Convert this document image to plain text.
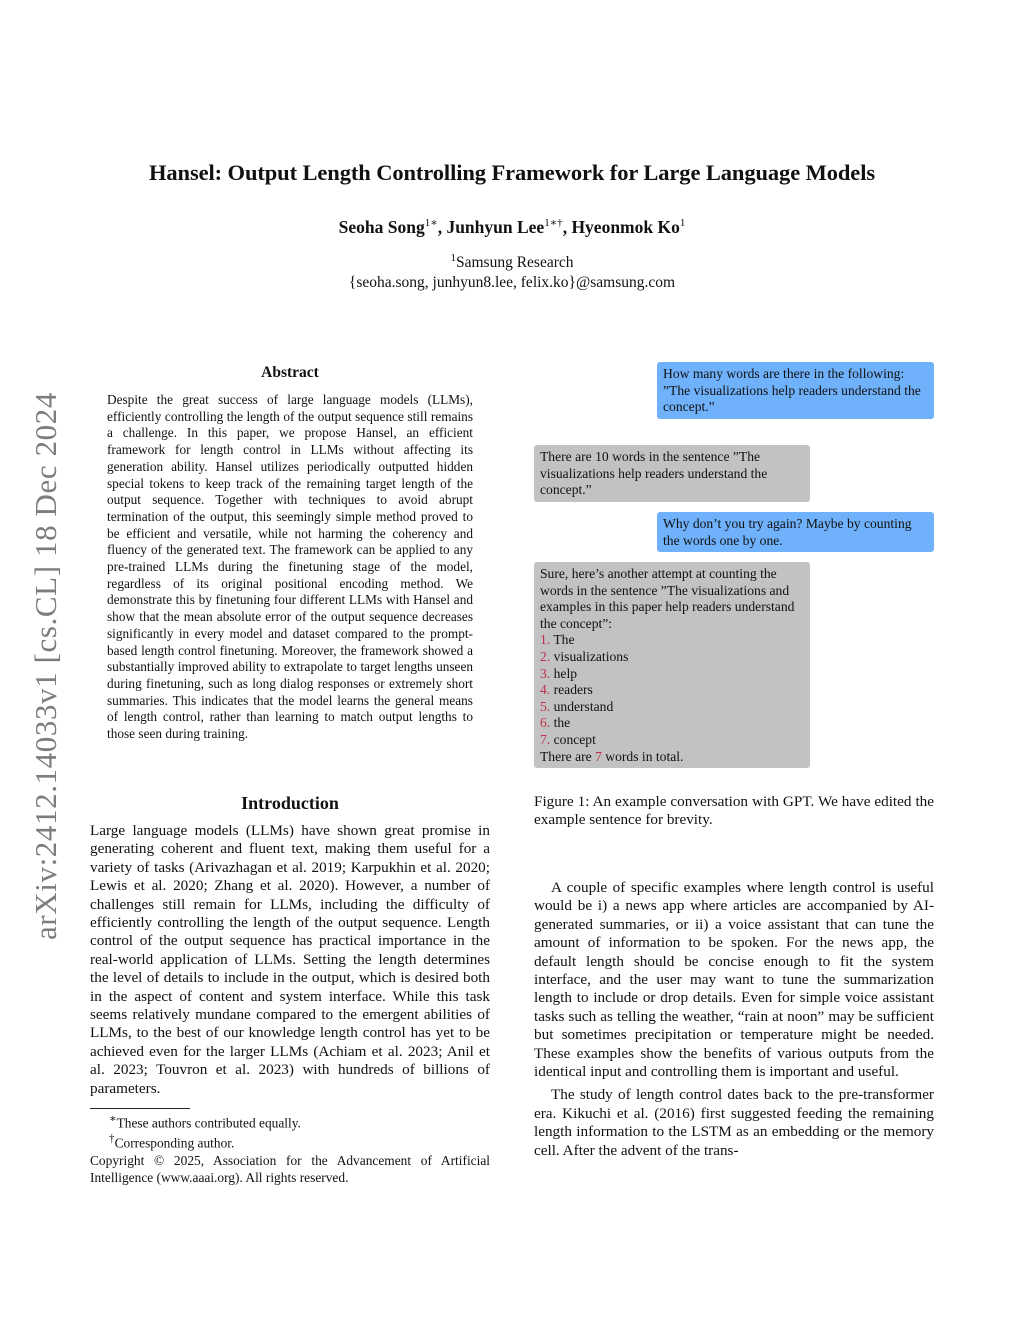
arXiv:2412.14033v1 [cs.CL] 18 Dec 2024
Hansel: Output Length Controlling Framework for Large Language Models
Seoha Song$^{1∗}$, Junhyun Lee$^{1∗\dagger}$, Hyeonmok Ko$^1$
$^1$Samsung Research
{seoha.song, junhyun8.lee, felix.ko}@samsung.com

Abstract

Despite the great success of large language models (LLMs), efficiently controlling the length of the output sequence still remains a challenge. In this paper, we propose Hansel, an efficient framework for length control in LLMs without affecting its generation ability. Hansel utilizes periodically outputted hidden special tokens to keep track of the remaining target length of the output sequence. Together with techniques to avoid abrupt termination of the output, this seemingly simple method proved to be efficient and versatile, while not harming the coherency and fluency of the generated text. The framework can be applied to any pre-trained LLMs during the finetuning stage of the model, regardless of its original positional encoding method. We demonstrate this by finetuning four different LLMs with Hansel and show that the mean absolute error of the output sequence decreases significantly in every model and dataset compared to the prompt-based length control finetuning. Moreover, the framework showed a substantially improved ability to extrapolate to target lengths unseen during finetuning, such as long dialog responses or extremely short summaries. This indicates that the model learns the general means of length control, rather than learning to match output lengths to those seen during training.

Introduction

Large language models (LLMs) have shown great promise in generating coherent and fluent text, making them useful for a variety of tasks (Arivazhagan et al. 2019; Karpukhin et al. 2020; Lewis et al. 2020; Zhang et al. 2020). However, a number of challenges still remain for LLMs, including the difficulty of efficiently controlling the length of the output sequence. Length control of the output sequence has practical importance in the real-world application of LLMs. Setting the length determines the level of details to include in the output, which is desired both in the aspect of content and system interface. While this task seems relatively mundane compared to the emergent abilities of LLMs, to the best of our knowledge length control has yet to be achieved even for the larger LLMs (Achiam et al. 2023; Anil et al. 2023; Touvron et al. 2023) with hundreds of billions of parameters.

∗These authors contributed equally.

†Corresponding author.

Copyright © 2025, Association for the Advancement of Artificial Intelligence (www.aaai.org). All rights reserved.

How many words are there in the following: ”The visualizations help readers understand the concept.”

There are 10 words in the sentence ”The visualizations help readers understand the concept.”

Why don’t you try again? Maybe by counting the words one by one.

Sure, here’s another attempt at counting the words in the sentence ”The visualizations and examples in this paper help readers understand the concept”:

1. The
2. visualizations
3. help
4. readers
5. understand
6. the
7. concept

There are 7 words in total.

Figure 1: An example conversation with GPT. We have edited the example sentence for brevity.

A couple of specific examples where length control is useful would be i) a news app where articles are accompanied by AI-generated summaries, or ii) a voice assistant that can tune the amount of information to be spoken. For the news app, the default length should be concise enough to fit the system interface, and the user may want to tune the summarization length to include or drop details. Even for simple voice assistant tasks such as telling the weather, “rain at noon” may be sufficient but sometimes precipitation or temperature might be needed. These examples show the benefits of various outputs from the identical input and controlling them is important and useful.

The study of length control dates back to the pre-transformer era. Kikuchi et al. (2016) first suggested feeding the remaining length information to the LSTM as an embedding or the memory cell. After the advent of the trans-
